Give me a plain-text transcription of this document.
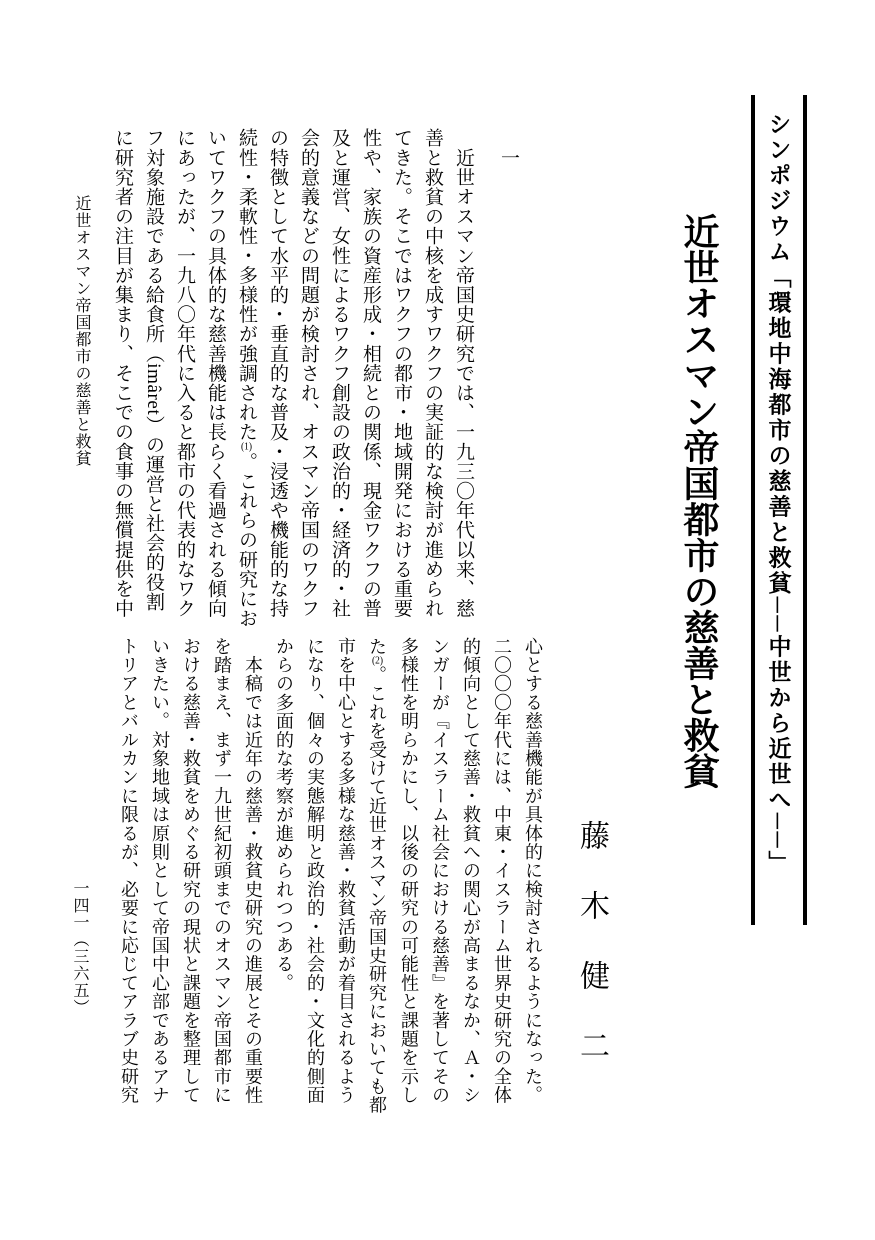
シンポジウム「環地中海都市の慈善と救貧──中世から近世へ──」
近世オスマン帝国都市の慈善と救貧
藤　木　健　二
一
　近世オスマン帝国史研究では、一九三〇年代以来、慈
善と救貧の中核を成すワクフの実証的な検討が進められ
てきた。そこではワクフの都市・地域開発における重要
性や、家族の資産形成・相続との関係、現金ワクフの普
及と運営、女性によるワクフ創設の政治的・経済的・社
会的意義などの問題が検討され、オスマン帝国のワクフ
の特徴として水平的・垂直的な普及・浸透や機能的な持
続性・柔軟性・多様性が強調された(1)。これらの研究にお
いてワクフの具体的な慈善機能は長らく看過される傾向
にあったが、一九八〇年代に入ると都市の代表的なワク
フ対象施設である給食所（imâret）の運営と社会的役割
に研究者の注目が集まり、そこでの食事の無償提供を中
心とする慈善機能が具体的に検討されるようになった。
二〇〇〇年代には、中東・イスラーム世界史研究の全体
的傾向として慈善・救貧への関心が高まるなか、Ａ・シ
ンガーが『イスラーム社会における慈善』を著してその
多様性を明らかにし、以後の研究の可能性と課題を示し
た(2)。これを受けて近世オスマン帝国史研究においても都
市を中心とする多様な慈善・救貧活動が着目されるよう
になり、個々の実態解明と政治的・社会的・文化的側面
からの多面的な考察が進められつつある。
　本稿では近年の慈善・救貧史研究の進展とその重要性
を踏まえ、まず一九世紀初頭までのオスマン帝国都市に
おける慈善・救貧をめぐる研究の現状と課題を整理して
いきたい。対象地域は原則として帝国中心部であるアナ
トリアとバルカンに限るが、必要に応じてアラブ史研究
近世オスマン帝国都市の慈善と救貧
一四一（三六五）
